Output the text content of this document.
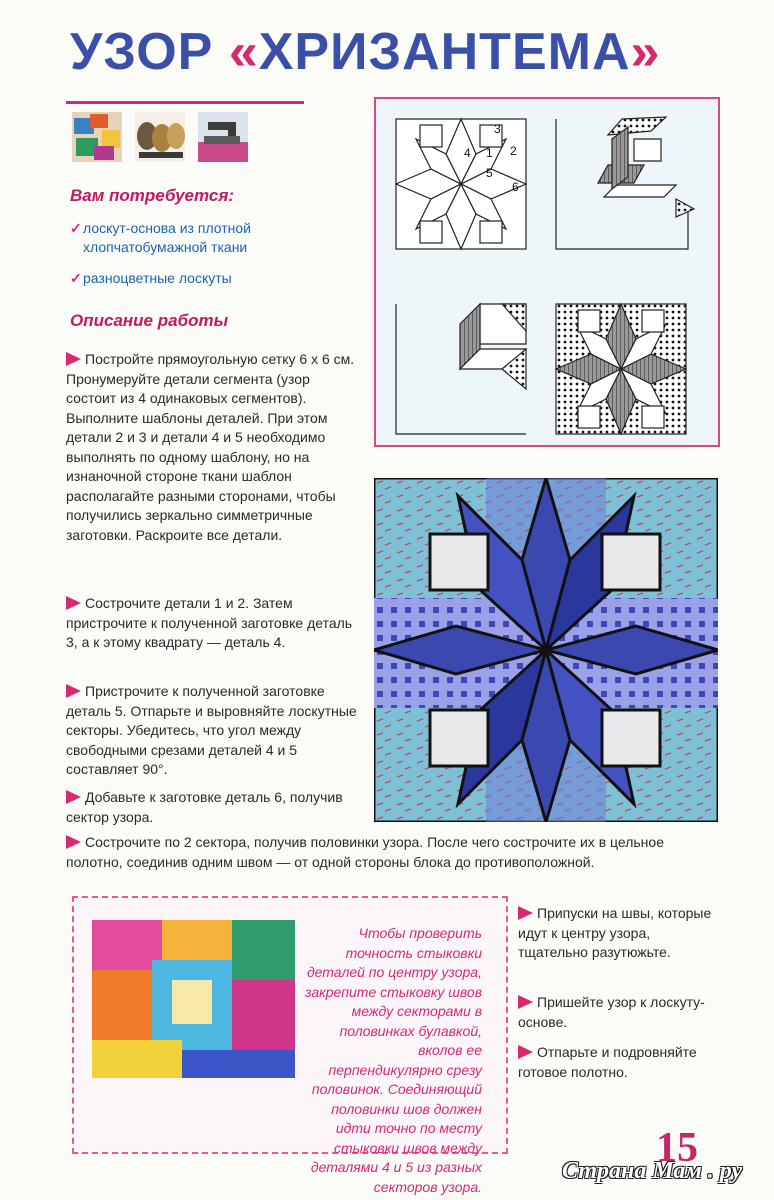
УЗОР «ХРИЗАНТЕМА»
Вам потребуется:
✓ лоскут-основа из плотной хлопчатобумажной ткани
✓ разноцветные лоскуты
Описание работы
Постройте прямоугольную сетку 6 х 6 см. Пронумеруйте детали сегмента (узор состоит из 4 одинаковых сегментов). Выполните шаблоны деталей. При этом детали 2 и 3 и детали 4 и 5 необходимо выполнять по одному шаблону, но на изнаночной стороне ткани шаблон располагайте разными сторонами, чтобы получились зеркально симметричные заготовки. Раскроите все детали.
Сострочите детали 1 и 2. Затем пристрочите к полученной заготовке деталь 3, а к этому квадрату — деталь 4.
Пристрочите к полученной заготовке деталь 5. Отпарьте и выровняйте лоскутные секторы. Убедитесь, что угол между свободными срезами деталей 4 и 5 составляет 90°.
Добавьте к заготовке деталь 6, получив сектор узора.
Сострочите по 2 сектора, получив половинки узора. После чего сострочите их в цельное полотно, соединив одним швом — от одной стороны блока до противоположной.
3
2
1
4
5
6
Чтобы проверить точность стыковки деталей по центру узора, закрепите стыковку швов между секторами в половинках булавкой, вколов ее перпендикулярно срезу половинок. Соединяющий половинки шов должен идти точно по месту стыковки швов между деталями 4 и 5 из разных секторов узора.
Припуски на швы, которые идут к центру узора, тщательно разутюжьте.
Пришейте узор к лоскуту-основе.
Отпарьте и подровняйте готовое полотно.
15
Страна Мам . ру
